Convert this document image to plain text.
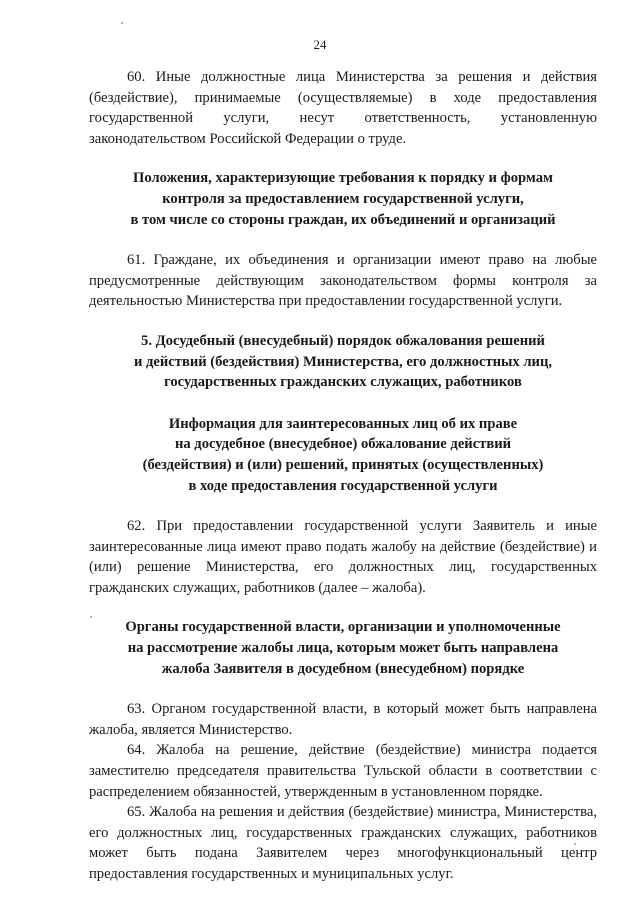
24

60. Иные должностные лица Министерства за решения и действия (бездействие), принимаемые (осуществляемые) в ходе предоставления государственной услуги, несут ответственность, установленную законодательством Российской Федерации о труде.

Положения, характеризующие требования к порядку и формам
контроля за предоставлением государственной услуги,
в том числе со стороны граждан, их объединений и организаций

61. Граждане, их объединения и организации имеют право на любые предусмотренные действующим законодательством формы контроля за деятельностью Министерства при предоставлении государственной услуги.

5. Досудебный (внесудебный) порядок обжалования решений
и действий (бездействия) Министерства, его должностных лиц,
государственных гражданских служащих, работников
Информация для заинтересованных лиц об их праве
на досудебное (внесудебное) обжалование действий
(бездействия) и (или) решений, принятых (осуществленных)
в ходе предоставления государственной услуги

62. При предоставлении государственной услуги Заявитель и иные заинтересованные лица имеют право подать жалобу на действие (бездействие) и (или) решение Министерства, его должностных лиц, государственных гражданских служащих, работников (далее – жалоба).

Органы государственной власти, организации и уполномоченные
на рассмотрение жалобы лица, которым может быть направлена
жалоба Заявителя в досудебном (внесудебном) порядке

63. Органом государственной власти, в который может быть направлена жалоба, является Министерство.

64. Жалоба на решение, действие (бездействие) министра подается заместителю председателя правительства Тульской области в соответствии с распределением обязанностей, утвержденным в установленном порядке.

65. Жалоба на решения и действия (бездействие) министра, Министерства, его должностных лиц, государственных гражданских служащих, работников может быть подана Заявителем через многофункциональный центр предоставления государственных и муниципальных услуг.
